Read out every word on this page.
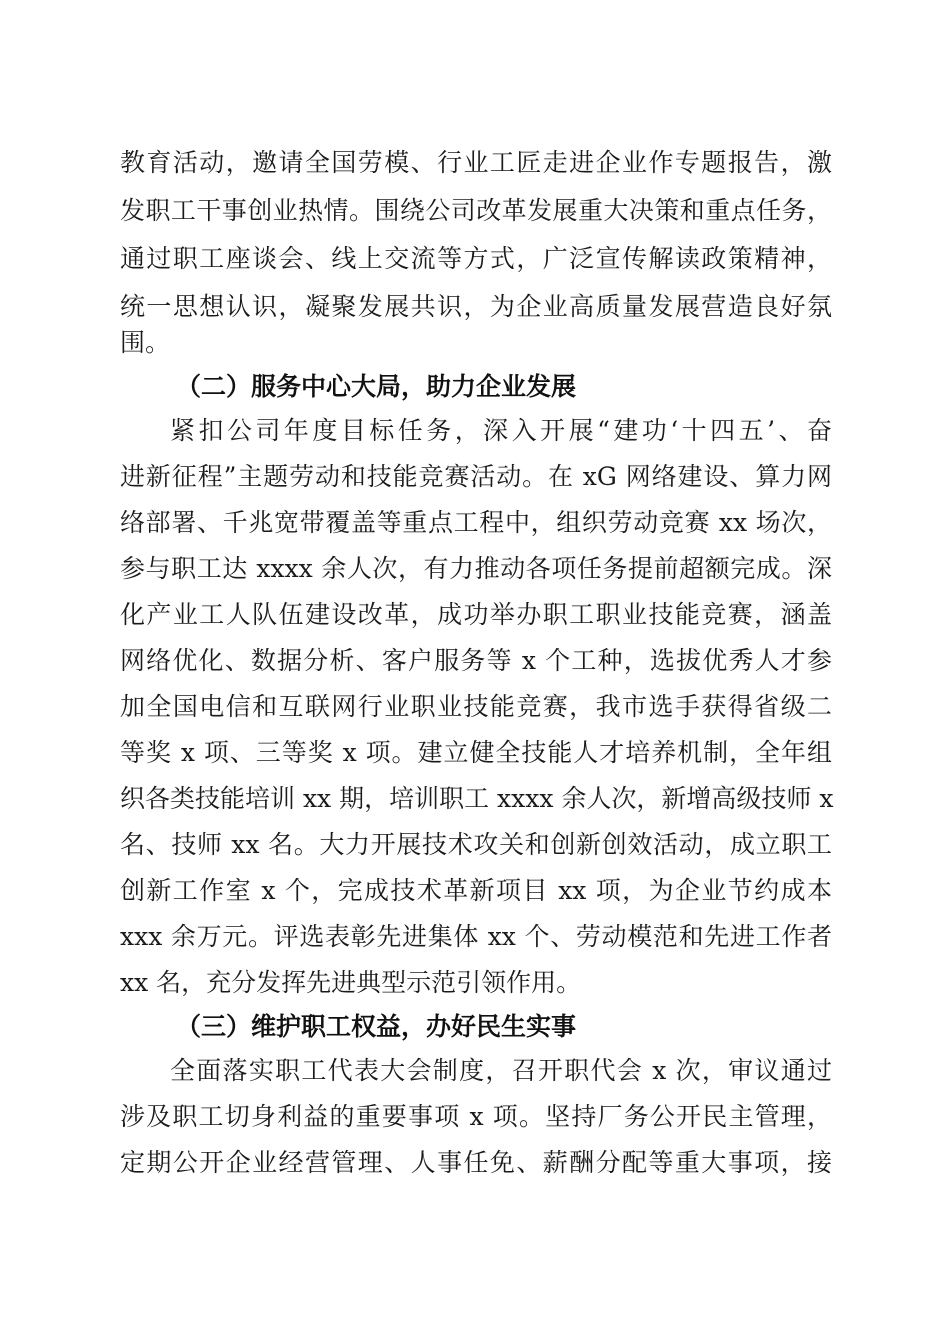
教育活动，邀请全国劳模、行业工匠走进企业作专题报告，激
发职工干事创业热情。围绕公司改革发展重大决策和重点任务，
通过职工座谈会、线上交流等方式，广泛宣传解读政策精神，
统一思想认识，凝聚发展共识，为企业高质量发展营造良好氛
围。
（二）服务中心大局，助力企业发展
紧扣公司年度目标任务，深入开展“建功‘十四五’、奋
进新征程”主题劳动和技能竞赛活动。在 xG 网络建设、算力网
络部署、千兆宽带覆盖等重点工程中，组织劳动竞赛 xx 场次，
参与职工达 xxxx 余人次，有力推动各项任务提前超额完成。深
化产业工人队伍建设改革，成功举办职工职业技能竞赛，涵盖
网络优化、数据分析、客户服务等 x 个工种，选拔优秀人才参
加全国电信和互联网行业职业技能竞赛，我市选手获得省级二
等奖 x 项、三等奖 x 项。建立健全技能人才培养机制，全年组
织各类技能培训 xx 期，培训职工 xxxx 余人次，新增高级技师 x
名、技师 xx 名。大力开展技术攻关和创新创效活动，成立职工
创新工作室 x 个，完成技术革新项目 xx 项，为企业节约成本
xxx 余万元。评选表彰先进集体 xx 个、劳动模范和先进工作者
xx 名，充分发挥先进典型示范引领作用。
（三）维护职工权益，办好民生实事
全面落实职工代表大会制度，召开职代会 x 次，审议通过
涉及职工切身利益的重要事项 x 项。坚持厂务公开民主管理，
定期公开企业经营管理、人事任免、薪酬分配等重大事项，接
